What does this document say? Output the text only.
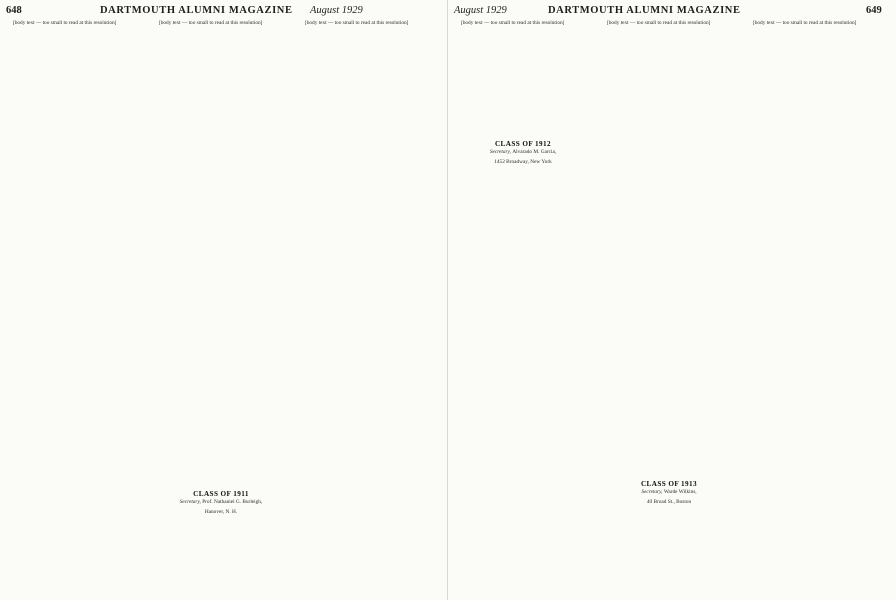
648	DARTMOUTH ALUMNI MAGAZINE August 1929

[body text — too small to read at this resolution]	[body text — too small to read at this resolution]

CLASS OF 1911
Secretary, Prof. Nathaniel G. Burleigh,
Hanover, N. H.

[body text — too small to read at this resolution]

August 1929	DARTMOUTH ALUMNI MAGAZINE	649

[body text — too small to read at this resolution]

CLASS OF 1912
Secretary, Alvarado M. Garcia,
1452 Broadway, New York

[body text — too small to read at this resolution]

CLASS OF 1913
Secretary, Warde Wilkins,
40 Broad St., Boston

[body text — too small to read at this resolution]
